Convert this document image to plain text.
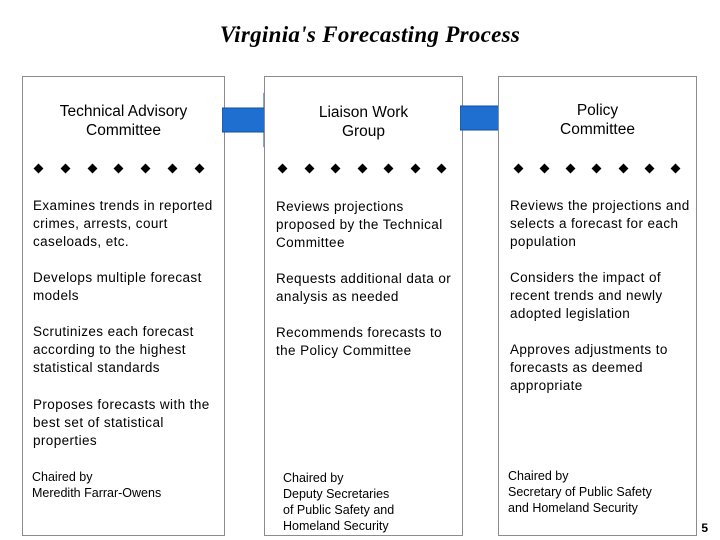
Virginia's Forecasting Process
Technical Advisory
Committee
Examines trends in reported crimes, arrests, court caseloads, etc.
Develops multiple forecast models
Scrutinizes each forecast according to the highest statistical standards
Proposes forecasts with the best set of statistical properties
Chaired by
Meredith Farrar-Owens
Liaison Work
Group
Reviews projections proposed by the Technical Committee
Requests additional data or analysis as needed
Recommends forecasts to the Policy Committee
Chaired by
Deputy Secretaries
of Public Safety and
Homeland Security
Policy
Committee
Reviews the projections and selects a forecast for each population
Considers the impact of recent trends and newly adopted legislation
Approves adjustments to forecasts as deemed appropriate
Chaired by
Secretary of Public Safety
and Homeland Security
5
